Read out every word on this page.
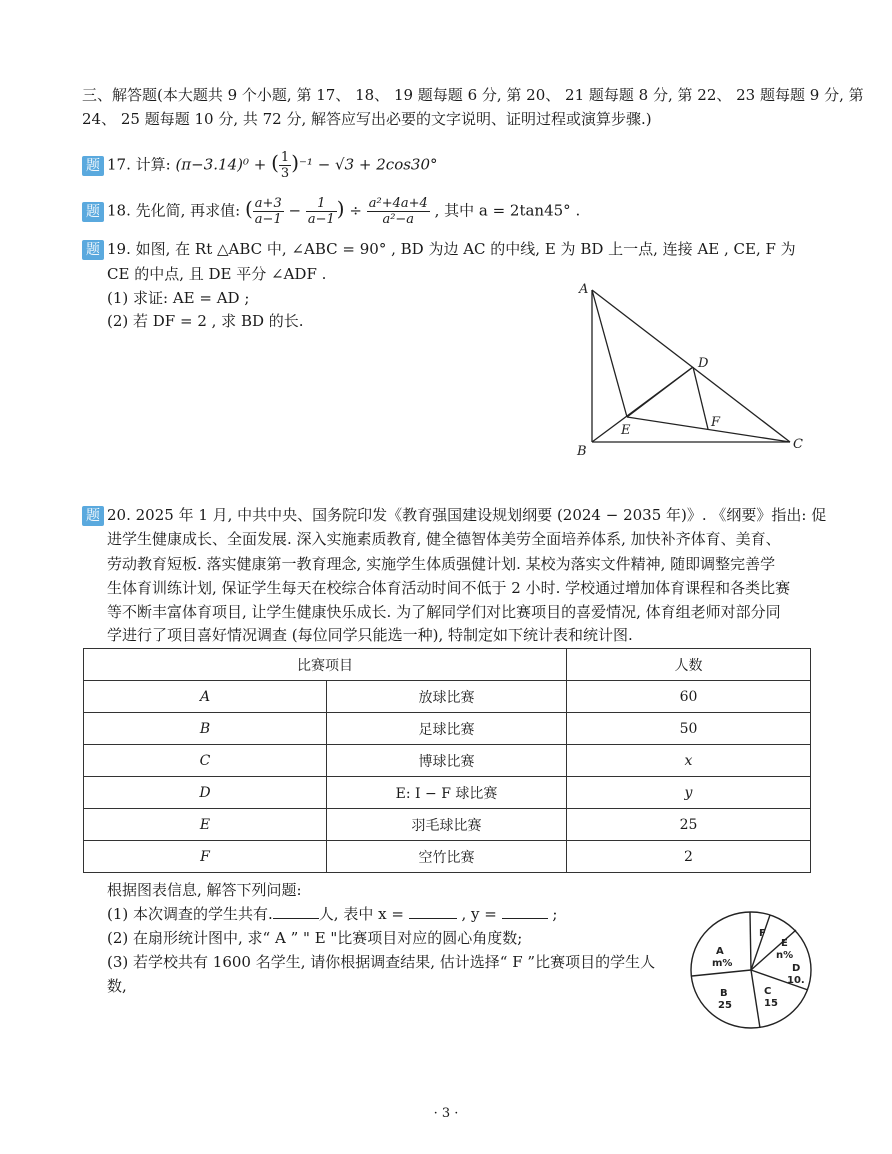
三、解答题(本大题共 9 个小题, 第 17、 18、 19 题每题 6 分, 第 20、 21 题每题 8 分, 第 22、 23 题每题 9 分, 第
24、 25 题每题 10 分, 共 72 分, 解答应写出必要的文字说明、证明过程或演算步骤.)
题 17. 计算: (π−3.14)⁰ + ( $\frac{1}{3} )^{-1} - √3 + 2\cos 30^\circ$
题 18. 先化简, 再求值: ( $\frac{a+3}{a-1} - \frac{1}{a-1}$ ) ÷ $\frac{\text{a²+4a+4}}{\text{a²−a}}$ , 其中 a = 2tan45° .
题 19. 如图, 在 Rt △ABC 中, ∠ABC = 90° , BD 为边 AC 的中线, E 为 BD 上一点, 连接 AE , CE, F 为
CE 的中点, 且 DE 平分 ∠ADF .
(1) 求证: AE = AD ;
(2) 若 DF = 2 , 求 BD 的长.
A
B	C
D
E
F
题 20. 2025 年 1 月, 中共中央、国务院印发《教育强国建设规划纲要 (2024 − 2035 年)》. 《纲要》指出: 促
进学生健康成长、全面发展. 深入实施素质教育, 健全德智体美劳全面培养体系, 加快补齐体育、美育、
劳动教育短板. 落实健康第一教育理念, 实施学生体质强健计划. 某校为落实文件精神, 随即调整完善学
生体育训练计划, 保证学生每天在校综合体育活动时间不低于 2 小时. 学校通过增加体育课程和各类比赛
等不断丰富体育项目, 让学生健康快乐成长. 为了解同学们对比赛项目的喜爱情况, 体育组老师对部分同
学进行了项目喜好情况调查 (每位同学只能选一种), 特制定如下统计表和统计图.
比赛项目		人数
A	放球比赛	60
B	足球比赛	50
C	博球比赛	x
D	E: I − F 球比赛	y
E	羽毛球比赛	25
F	空竹比赛	2
根据图表信息, 解答下列问题:
(1) 本次调查的学生共有.	人, 表中 x =	, y =	;
(2) 在扇形统计图中, 求“ A ” " E "比赛项目对应的圆心角度数;
(3) 若学校共有 1600 名学生, 请你根据调查结果, 估计选择“ F ”比赛项目的学生人
数,
A
m%
B
25
C
15
D
10.
E
n%
F
· 3 ·
